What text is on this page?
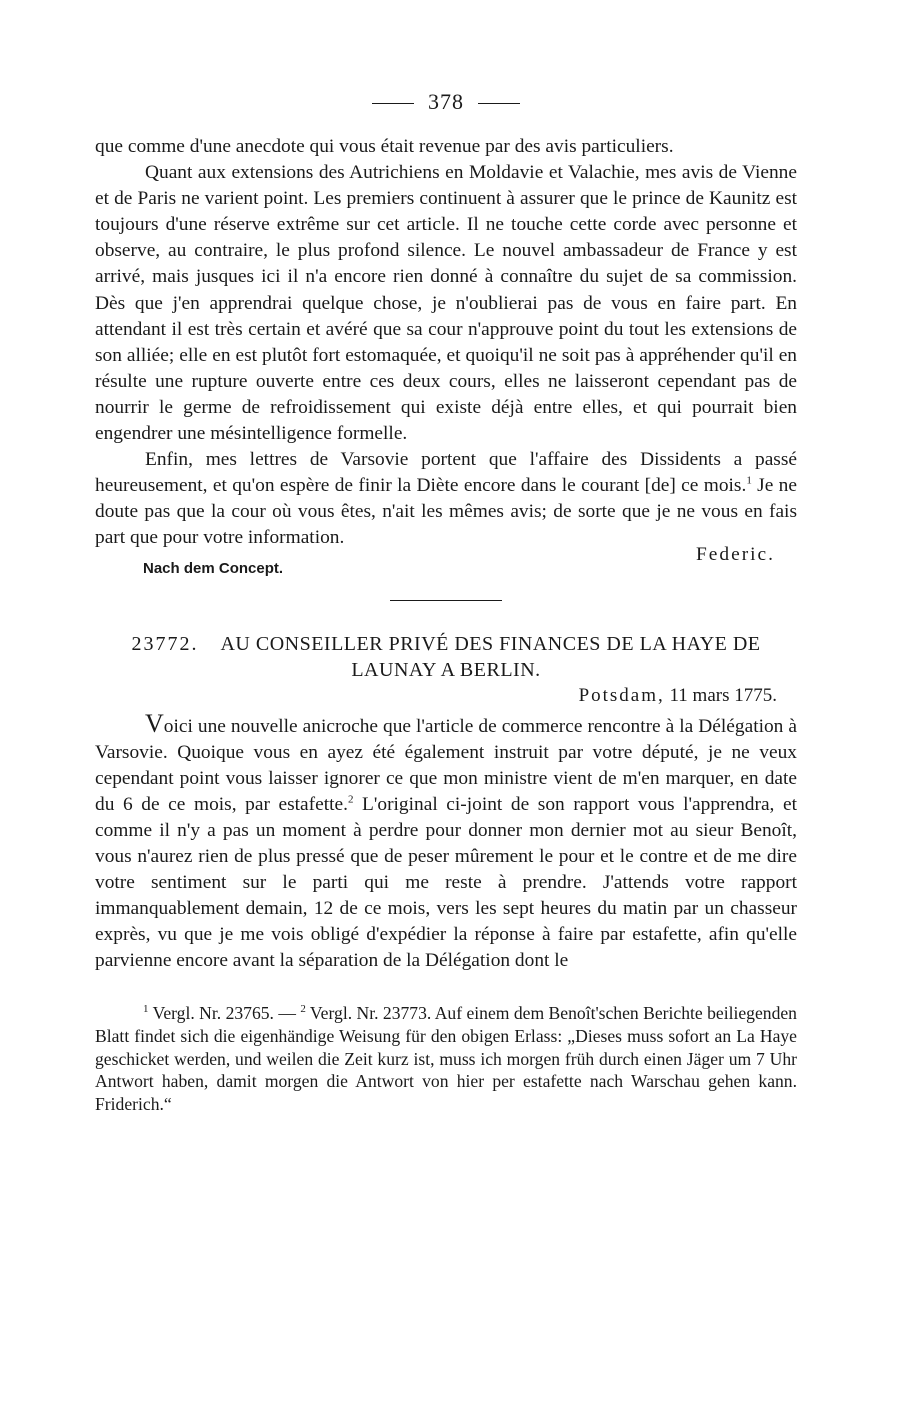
378

que comme d'une anecdote qui vous était revenue par des avis particuliers.

Quant aux extensions des Autrichiens en Moldavie et Valachie, mes avis de Vienne et de Paris ne varient point. Les premiers continuent à assurer que le prince de Kaunitz est toujours d'une réserve extrême sur cet article. Il ne touche cette corde avec personne et observe, au contraire, le plus profond silence. Le nouvel ambassadeur de France y est arrivé, mais jusques ici il n'a encore rien donné à connaître du sujet de sa commission. Dès que j'en apprendrai quelque chose, je n'oublierai pas de vous en faire part. En attendant il est très certain et avéré que sa cour n'approuve point du tout les extensions de son alliée; elle en est plutôt fort estomaquée, et quoiqu'il ne soit pas à appréhender qu'il en résulte une rupture ouverte entre ces deux cours, elles ne laisseront cependant pas de nourrir le germe de refroidissement qui existe déjà entre elles, et qui pourrait bien engendrer une mésintelligence formelle.

Enfin, mes lettres de Varsovie portent que l'affaire des Dissidents a passé heureusement, et qu'on espère de finir la Diète encore dans le courant [de] ce mois.$^1$ Je ne doute pas que la cour où vous êtes, n'ait les mêmes avis; de sorte que je ne vous en fais part que pour votre information.

Federic.
Nach dem Concept.
23772. AU CONSEILLER PRIVÉ DES FINANCES DE LA HAYE DE LAUNAY A BERLIN.
Potsdam, 11 mars 1775.

Voici une nouvelle anicroche que l'article de commerce rencontre à la Délégation à Varsovie. Quoique vous en ayez été également instruit par votre député, je ne veux cependant point vous laisser ignorer ce que mon ministre vient de m'en marquer, en date du 6 de ce mois, par estafette.$^2$ L'original ci-joint de son rapport vous l'apprendra, et comme il n'y a pas un moment à perdre pour donner mon dernier mot au sieur Benoît, vous n'aurez rien de plus pressé que de peser mûrement le pour et le contre et de me dire votre sentiment sur le parti qui me reste à prendre. J'attends votre rapport immanquablement demain, 12 de ce mois, vers les sept heures du matin par un chasseur exprès, vu que je me vois obligé d'expédier la réponse à faire par estafette, afin qu'elle parvienne encore avant la séparation de la Délégation dont le

$^1$ Vergl. Nr. 23765. — $^2$ Vergl. Nr. 23773. Auf einem dem Benoît'schen Berichte beiliegenden Blatt findet sich die eigenhändige Weisung für den obigen Erlass: „Dieses muss sofort an La Haye geschicket werden, und weilen die Zeit kurz ist, muss ich morgen früh durch einen Jäger um 7 Uhr Antwort haben, damit morgen die Antwort von hier per estafette nach Warschau gehen kann. Friderich.“
